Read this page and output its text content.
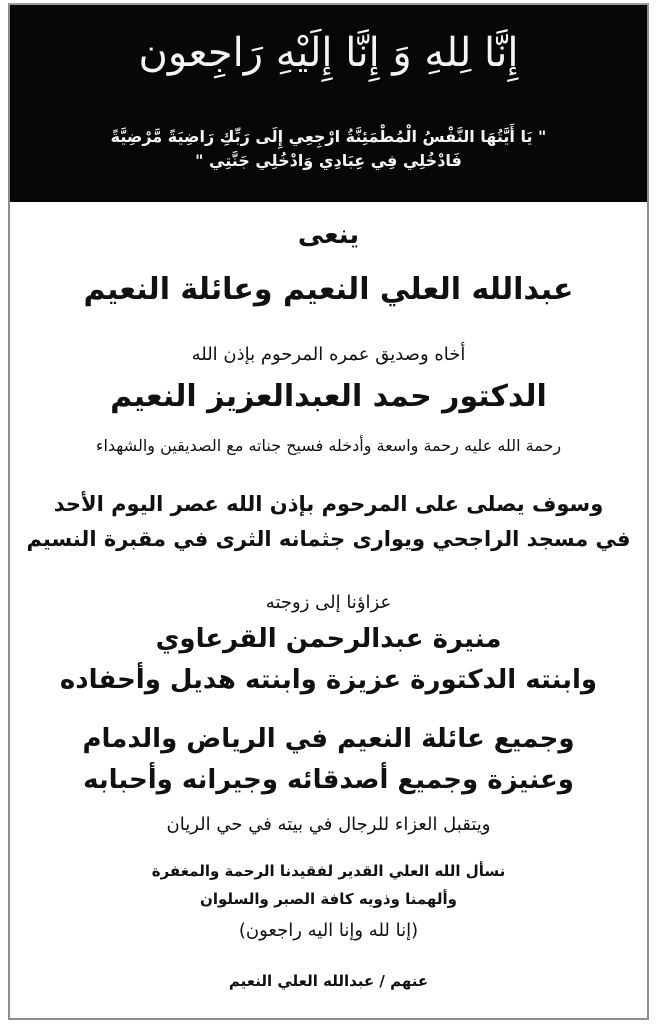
إِنَّا لِلهِ وَ إِنَّا إِلَيْهِ رَاجِعون
" يَا أَيَّتُهَا النَّفْسُ الْمُطْمَئِنَّةُ ارْجِعِي إِلَى رَبِّكِ رَاضِيَةً مَّرْضِيَّةً
فَادْخُلِي فِي عِبَادِي وَادْخُلِي جَنَّتِي "
ينعى
عبدالله العلي النعيم وعائلة النعيم
أخاه وصديق عمره المرحوم بإذن الله
الدكتور حمد العبدالعزيز النعيم
رحمة الله عليه رحمة واسعة وأدخله فسيح جناته مع الصديقين والشهداء
وسوف يصلى على المرحوم بإذن الله عصر اليوم الأحد
في مسجد الراجحي ويوارى جثمانه الثرى في مقبرة النسيم
عزاؤنا إلى زوجته
منيرة عبدالرحمن القرعاوي
وابنته الدكتورة عزيزة وابنته هديل وأحفاده
وجميع عائلة النعيم في الرياض والدمام
وعنيزة وجميع أصدقائه وجيرانه وأحبابه
ويتقبل العزاء للرجال في بيته في حي الريان
نسأل الله العلي القدير لفقيدنا الرحمة والمغفرة
وألهمنا وذويه كافة الصبر والسلوان
(إنا لله وإنا اليه راجعون)
عنهم / عبدالله العلي النعيم
